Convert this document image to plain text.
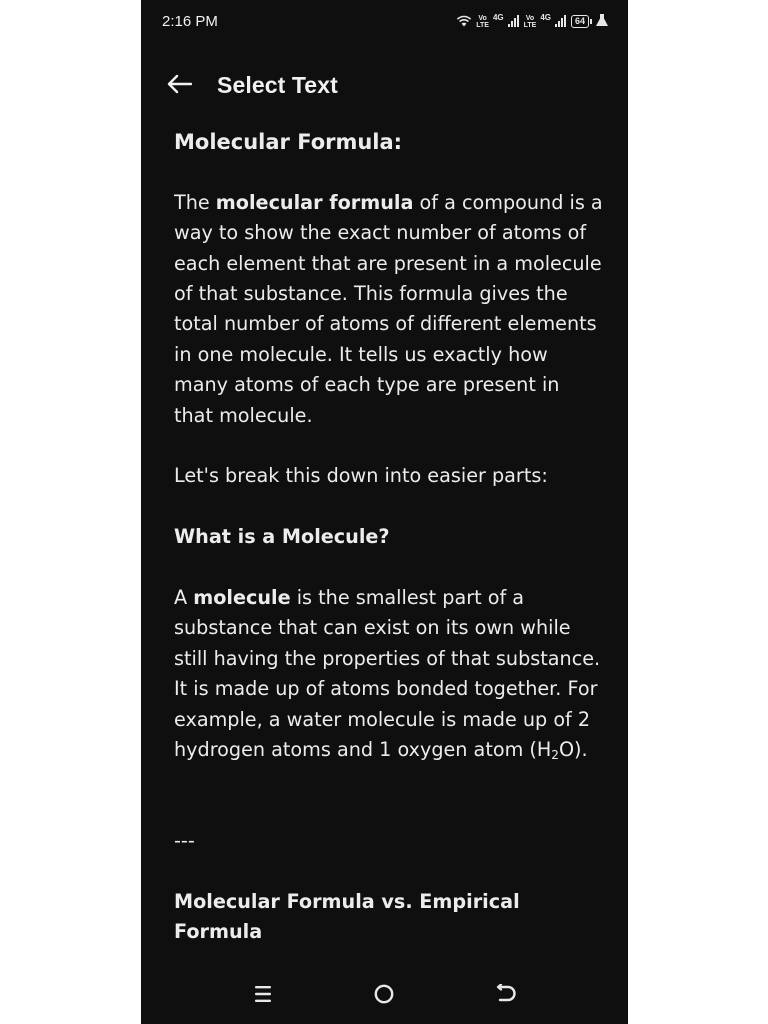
2:16 PM	Vo
LTE
4G	Vo
LTE
4G	64
Select Text

Molecular Formula:

The molecular formula of a compound is a way to show the exact number of atoms of each element that are present in a molecule of that substance. This formula gives the total number of atoms of different elements in one molecule. It tells us exactly how many atoms of each type are present in that molecule.

Let's break this down into easier parts:

What is a Molecule?

A molecule is the smallest part of a substance that can exist on its own while still having the properties of that substance. It is made up of atoms bonded together. For example, a water molecule is made up of 2 hydrogen atoms and 1 oxygen atom $(H_2O)$.

---

Molecular Formula vs. Empirical Formula
